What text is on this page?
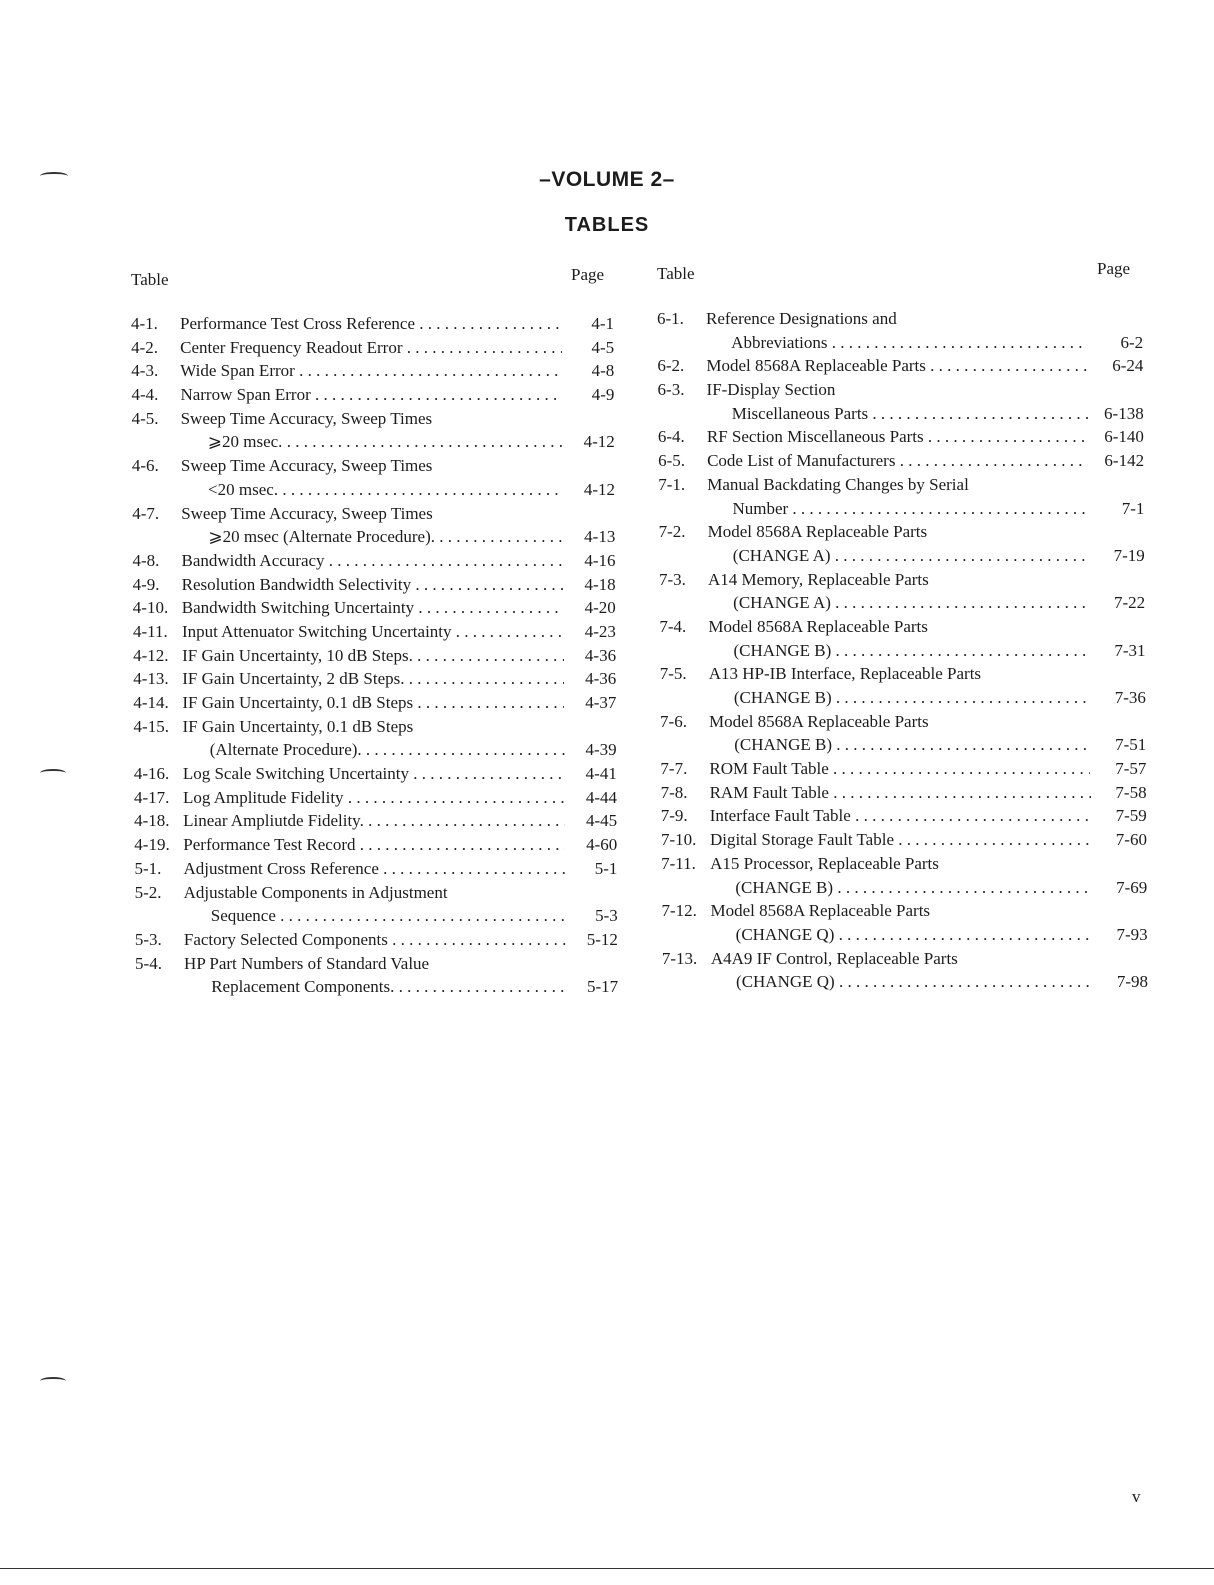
–VOLUME 2–
TABLES
Table	Page	Table	Page
4-1. Performance Test Cross Reference . . .	4-1
4-2. Center Frequency Readout Error . . .	4-5
4-3. Wide Span Error . . .	4-8
4-4. Narrow Span Error . . .	4-9
4-5. Sweep Time Accuracy, Sweep Times
⩾20 msec. . . .	4-12
4-6. Sweep Time Accuracy, Sweep Times
<20 msec. . . .	4-12
4-7. Sweep Time Accuracy, Sweep Times
⩾20 msec (Alternate Procedure). . . .	4-13
4-8. Bandwidth Accuracy . . .	4-16
4-9. Resolution Bandwidth Selectivity . . .	4-18
4-10. Bandwidth Switching Uncertainty . . .	4-20
4-11. Input Attenuator Switching Uncertainty . . .	4-23
4-12. IF Gain Uncertainty, 10 dB Steps. . . .	4-36
4-13. IF Gain Uncertainty, 2 dB Steps. . . .	4-36
4-14. IF Gain Uncertainty, 0.1 dB Steps . . .	4-37
4-15. IF Gain Uncertainty, 0.1 dB Steps
(Alternate Procedure). . . .	4-39
4-16. Log Scale Switching Uncertainty . . .	4-41
4-17. Log Amplitude Fidelity . . .	4-44
4-18. Linear Ampliutde Fidelity. . . .	4-45
4-19. Performance Test Record . . .	4-60
5-1. Adjustment Cross Reference . . .	5-1
5-2. Adjustable Components in Adjustment
Sequence . . .	5-3
5-3. Factory Selected Components . . .	5-12
5-4. HP Part Numbers of Standard Value
Replacement Components. . . .	5-17
6-1. Reference Designations and
Abbreviations . . .	6-2
6-2. Model 8568A Replaceable Parts . . .	6-24
6-3. IF-Display Section
Miscellaneous Parts . . .	6-138
6-4. RF Section Miscellaneous Parts . . .	6-140
6-5. Code List of Manufacturers . . .	6-142
7-1. Manual Backdating Changes by Serial
Number . . .	7-1
7-2. Model 8568A Replaceable Parts
(CHANGE A) . . .	7-19
7-3. A14 Memory, Replaceable Parts
(CHANGE A) . . .	7-22
7-4. Model 8568A Replaceable Parts
(CHANGE B) . . .	7-31
7-5. A13 HP-IB Interface, Replaceable Parts
(CHANGE B) . . .	7-36
7-6. Model 8568A Replaceable Parts
(CHANGE B) . . .	7-51
7-7. ROM Fault Table . . .	7-57
7-8. RAM Fault Table . . .	7-58
7-9. Interface Fault Table . . .	7-59
7-10. Digital Storage Fault Table . . .	7-60
7-11. A15 Processor, Replaceable Parts
(CHANGE B) . . .	7-69
7-12. Model 8568A Replaceable Parts
(CHANGE Q) . . .	7-93
7-13. A4A9 IF Control, Replaceable Parts
(CHANGE Q) . . .	7-98
v
